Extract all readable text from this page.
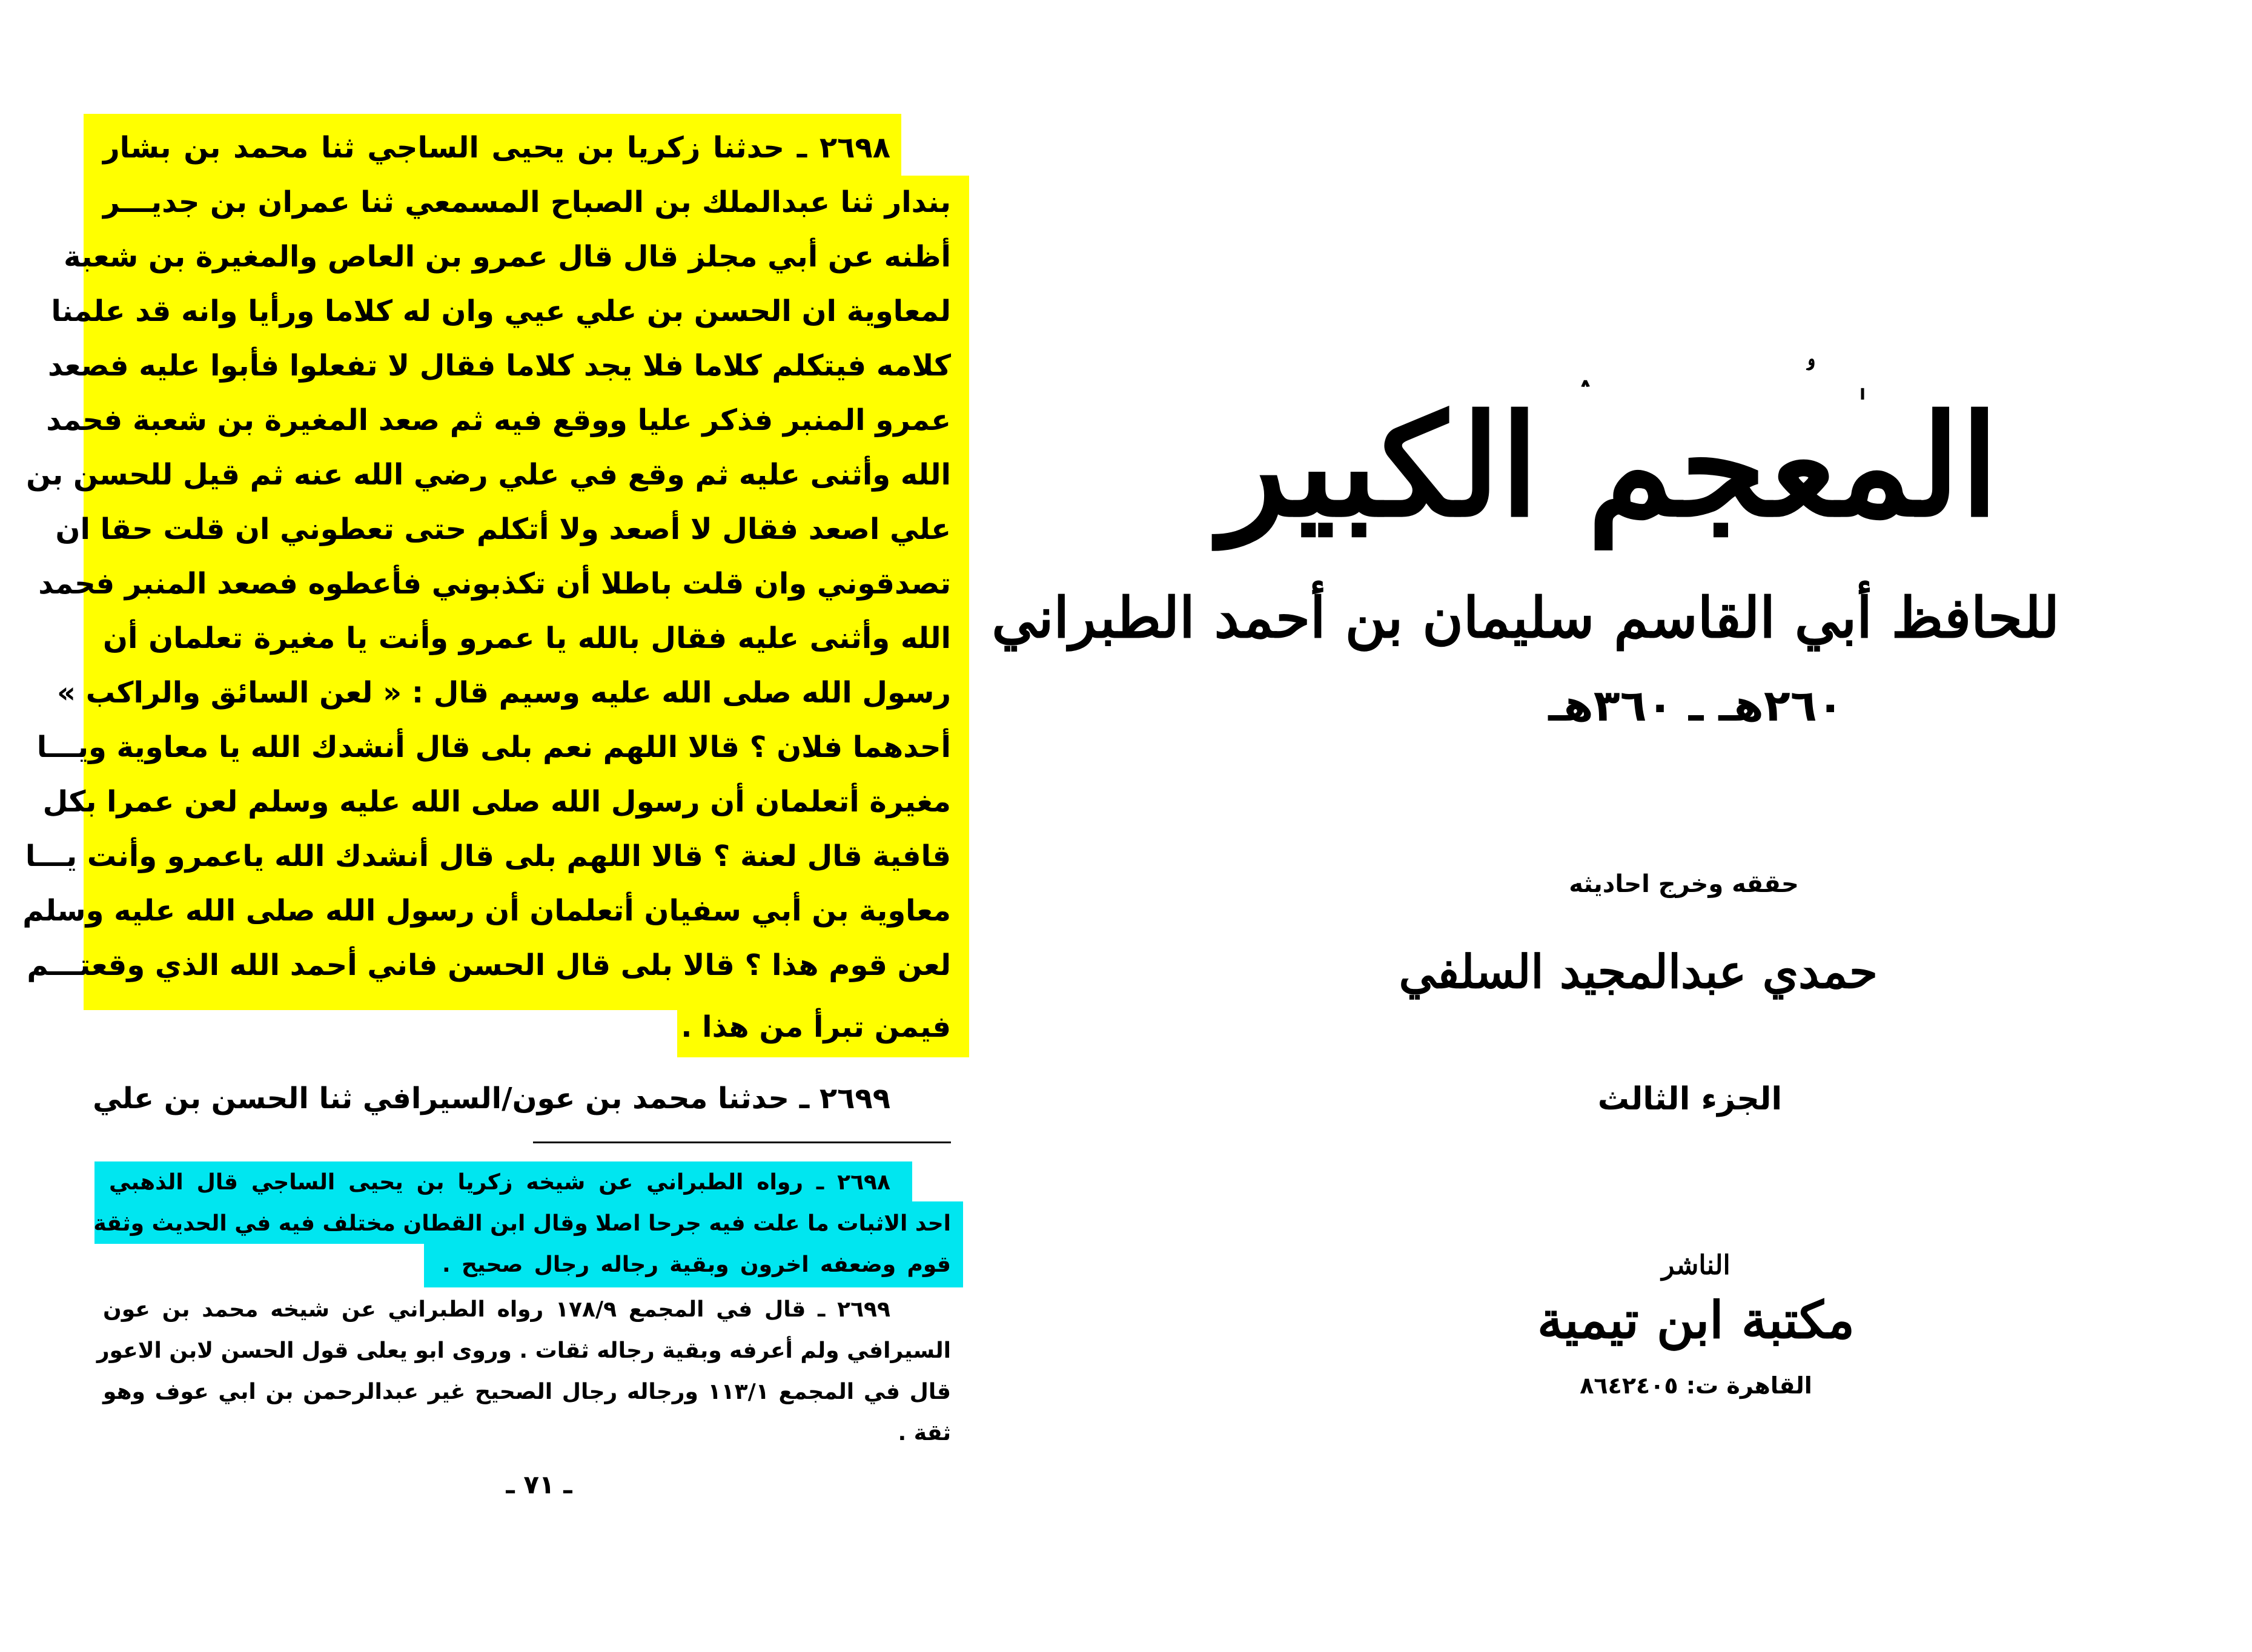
٢٦٩٨ ـ حدثنا زكريا بن يحيى الساجي ثنا محمد بن بشار
بندار ثنا عبدالملك بن الصباح المسمعي ثنا عمران بن جديـــر
أظنه عن أبي مجلز قال قال عمرو بن العاص والمغيرة بن شعبة
لمعاوية ان الحسن بن علي عيي وان له كلاما ورأيا وانه قد علمنا
كلامه فيتكلم كلاما فلا يجد كلاما فقال لا تفعلوا فأبوا عليه فصعد
عمرو المنبر فذكر عليا ووقع فيه ثم صعد المغيرة بن شعبة فحمد
الله وأثنى عليه ثم وقع في علي رضي الله عنه ثم قيل للحسن بن
علي اصعد فقال لا أصعد ولا أتكلم حتى تعطوني ان قلت حقا ان
تصدقوني وان قلت باطلا أن تكذبوني فأعطوه فصعد المنبر فحمد
الله وأثنى عليه فقال بالله يا عمرو وأنت يا مغيرة تعلمان أن
رسول الله صلى الله عليه وسيم قال : « لعن السائق والراكب »
أحدهما فلان ؟ قالا اللهم نعم بلى قال أنشدك الله يا معاوية ويـــا
مغيرة أتعلمان أن رسول الله صلى الله عليه وسلم لعن عمرا بكل
قافية قال لعنة ؟ قالا اللهم بلى قال أنشدك الله ياعمرو وأنت يـــا
معاوية بن أبي سفيان أتعلمان أن رسول الله صلى الله عليه وسلم
لعن قوم هذا ؟ قالا بلى قال الحسن فاني أحمد الله الذي وقعتـــم
فيمن تبرأ من هذا .
٢٦٩٩ ـ حدثنا محمد بن عون/السيرافي ثنا الحسن بن علي
٢٦٩٨ ـ رواه الطبراني عن شيخه زكريا بن يحيى الساجي قال الذهبي
احد الاثبات ما علت فيه جرحا اصلا وقال ابن القطان مختلف فيه في الحديث وثقة
قوم وضعفه اخرون وبقية رجاله رجال صحيح .
٢٦٩٩ ـ قال في المجمع ١٧٨/٩ رواه الطبراني عن شيخه محمد بن عون
السيرافي ولم أعرفه وبقية رجاله ثقات . وروى ابو يعلى قول الحسن لابن الاعور
قال في المجمع ١١٣/١ ورجاله رجال الصحيح غير عبدالرحمن بن ابي عوف وهو
ثقة .
ـ ٧١ ـ
ۥ
المعجم الكبير
للحافظ أبي القاسم سليمان بن أحمد الطبراني
٢٦٠هـ ـ ٣٦٠هـ
حققه وخرج احاديثه
حمدي عبدالمجيد السلفي
الجزء الثالث
الناشر
مكتبة ابن تيمية
القاهرة ت: ٨٦٤٢٤٠٥
